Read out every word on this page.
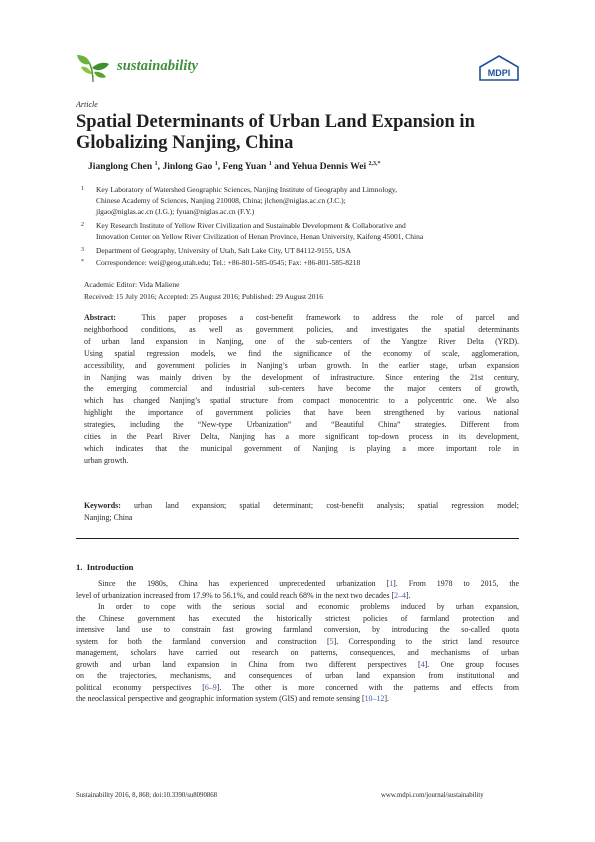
sustainability	MDPI
Article
Spatial Determinants of Urban Land Expansion in
Globalizing Nanjing, China
Jianglong Chen $^1$, Jinlong Gao $^1$, Feng Yuan $^1$ and Yehua Dennis Wei $^{2,3,*}$
1 Key Laboratory of Watershed Geographic Sciences, Nanjing Institute of Geography and Limnology,
Chinese Academy of Sciences, Nanjing 210008, China; jlchen@niglas.ac.cn (J.C.);
jlgao@niglas.ac.cn (J.G.); fyuan@niglas.ac.cn (F.Y.)
2 Key Research Institute of Yellow River Civilization and Sustainable Development & Collaborative and
Innovation Center on Yellow River Civilization of Henan Province, Henan University, Kaifeng 45001, China
3 Department of Geography, University of Utah, Salt Lake City, UT 84112-9155, USA
* Correspondence: wei@geog.utah.edu; Tel.: +86-801-585-0545; Fax: +86-801-585-8218
Academic Editor: Vida Maliene
Received: 15 July 2016; Accepted: 25 August 2016; Published: 29 August 2016
Abstract:	This paper proposes a cost-benefit framework to address the role of parcel and
neighborhood conditions, as well as government policies, and investigates the spatial determinants
of urban land expansion in Nanjing, one of the sub-centers of the Yangtze River Delta (YRD).
Using spatial regression models, we find the significance of the economy of scale, agglomeration,
accessibility, and government policies in Nanjing’s urban growth. In the earlier stage, urban expansion
in Nanjing was mainly driven by the development of infrastructure. Since entering the 21st century,
the emerging commercial and industrial sub-centers have become the major centers of growth,
which has changed Nanjing’s spatial structure from compact monocentric to a polycentric one. We also
highlight the importance of government policies that have been strengthened by various national
strategies, including the “New-type Urbanization” and “Beautiful China” strategies. Different from
cities in the Pearl River Delta, Nanjing has a more significant top-down process in its development,
which indicates that the municipal government of Nanjing is playing a more important role in
urban growth.
Keywords: urban land expansion; spatial determinant; cost-benefit analysis; spatial regression model;
Nanjing; China
1. Introduction
Since the 1980s, China has experienced unprecedented urbanization [1]. From 1978 to 2015, the
level of urbanization increased from 17.9% to 56.1%, and could reach 68% in the next two decades [2–4].
In order to cope with the serious social and economic problems induced by urban expansion,
the Chinese government has executed the historically strictest policies of farmland protection and
intensive land use to constrain fast growing farmland conversion, by introducing the so-called quota
system for both the farmland conversion and construction [5]. Corresponding to the strict land resource
management, scholars have carried out research on patterns, consequences, and mechanisms of urban
growth and urban land expansion in China from two different perspectives [4]. One group focuses
on the trajectories, mechanisms, and consequences of urban land expansion from institutional and
political economy perspectives [6–9]. The other is more concerned with the patterns and effects from
the neoclassical perspective and geographic information system (GIS) and remote sensing [10–12].
Sustainability 2016, 8, 868; doi:10.3390/su8090868	www.mdpi.com/journal/sustainability
